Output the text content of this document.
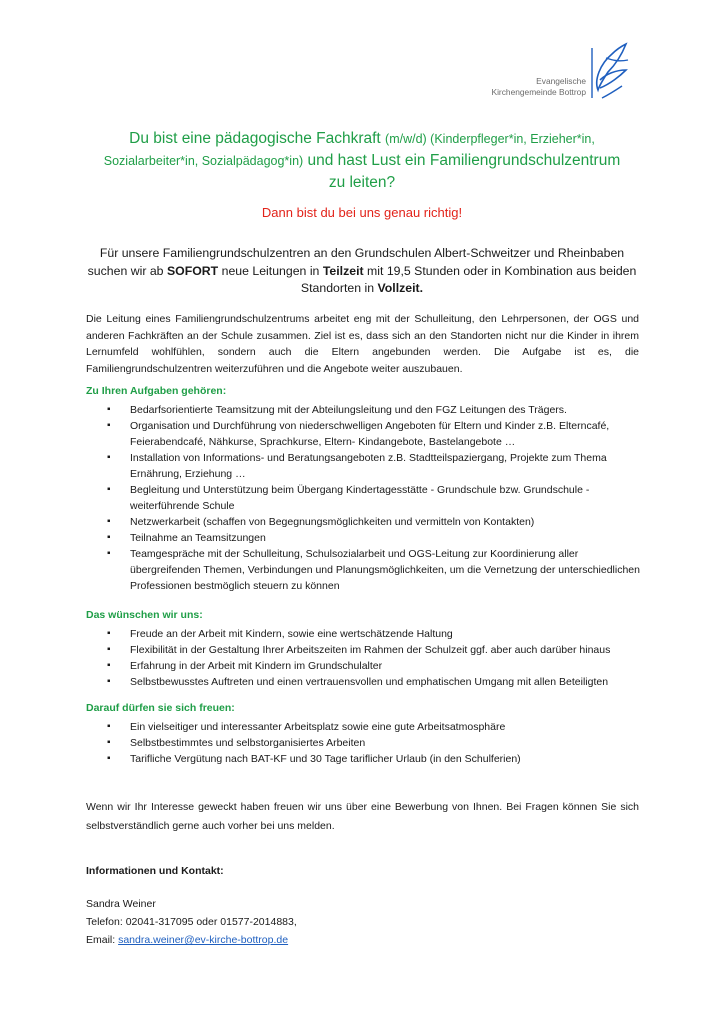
Evangelische
Kirchengemeinde Bottrop
Du bist eine pädagogische Fachkraft (m/w/d) (Kinderpfleger*in, Erzieher*in,
Sozialarbeiter*in, Sozialpädagog*in) und hast Lust ein Familiengrundschulzentrum
zu leiten?
Dann bist du bei uns genau richtig!
Für unsere Familiengrundschulzentren an den Grundschulen Albert-Schweitzer und Rheinbaben
suchen wir ab SOFORT neue Leitungen in Teilzeit mit 19,5 Stunden oder in Kombination aus beiden
Standorten in Vollzeit.
Die Leitung eines Familiengrundschulzentrums arbeitet eng mit der Schulleitung, den Lehrpersonen, der OGS und anderen Fachkräften an der Schule zusammen. Ziel ist es, dass sich an den Standorten nicht nur die Kinder in ihrem Lernumfeld wohlfühlen, sondern auch die Eltern angebunden werden. Die Aufgabe ist es, die Familiengrundschulzentren weiterzuführen und die Angebote weiter auszubauen.
Zu Ihren Aufgaben gehören:
▪ Bedarfsorientierte Teamsitzung mit der Abteilungsleitung und den FGZ Leitungen des Trägers.
▪ Organisation und Durchführung von niederschwelligen Angeboten für Eltern und Kinder z.B. Elterncafé, Feierabendcafé, Nähkurse, Sprachkurse, Eltern- Kindangebote, Bastelangebote …
▪ Installation von Informations- und Beratungsangeboten z.B. Stadtteilspaziergang, Projekte zum Thema Ernährung, Erziehung …
▪ Begleitung und Unterstützung beim Übergang Kindertagesstätte - Grundschule bzw. Grundschule - weiterführende Schule
▪ Netzwerkarbeit (schaffen von Begegnungsmöglichkeiten und vermitteln von Kontakten)
▪ Teilnahme an Teamsitzungen
▪ Teamgespräche mit der Schulleitung, Schulsozialarbeit und OGS-Leitung zur Koordinierung aller übergreifenden Themen, Verbindungen und Planungsmöglichkeiten, um die Vernetzung der unterschiedlichen Professionen bestmöglich steuern zu können
Das wünschen wir uns:
▪ Freude an der Arbeit mit Kindern, sowie eine wertschätzende Haltung
▪ Flexibilität in der Gestaltung Ihrer Arbeitszeiten im Rahmen der Schulzeit ggf. aber auch darüber hinaus
▪ Erfahrung in der Arbeit mit Kindern im Grundschulalter
▪ Selbstbewusstes Auftreten und einen vertrauensvollen und emphatischen Umgang mit allen Beteiligten
Darauf dürfen sie sich freuen:
▪ Ein vielseitiger und interessanter Arbeitsplatz sowie eine gute Arbeitsatmosphäre
▪ Selbstbestimmtes und selbstorganisiertes Arbeiten
▪ Tarifliche Vergütung nach BAT-KF und 30 Tage tariflicher Urlaub (in den Schulferien)
Wenn wir Ihr Interesse geweckt haben freuen wir uns über eine Bewerbung von Ihnen. Bei Fragen können Sie sich selbstverständlich gerne auch vorher bei uns melden.
Informationen und Kontakt:
Sandra Weiner
Telefon: 02041-317095 oder 01577-2014883,
Email: sandra.weiner@ev-kirche-bottrop.de
